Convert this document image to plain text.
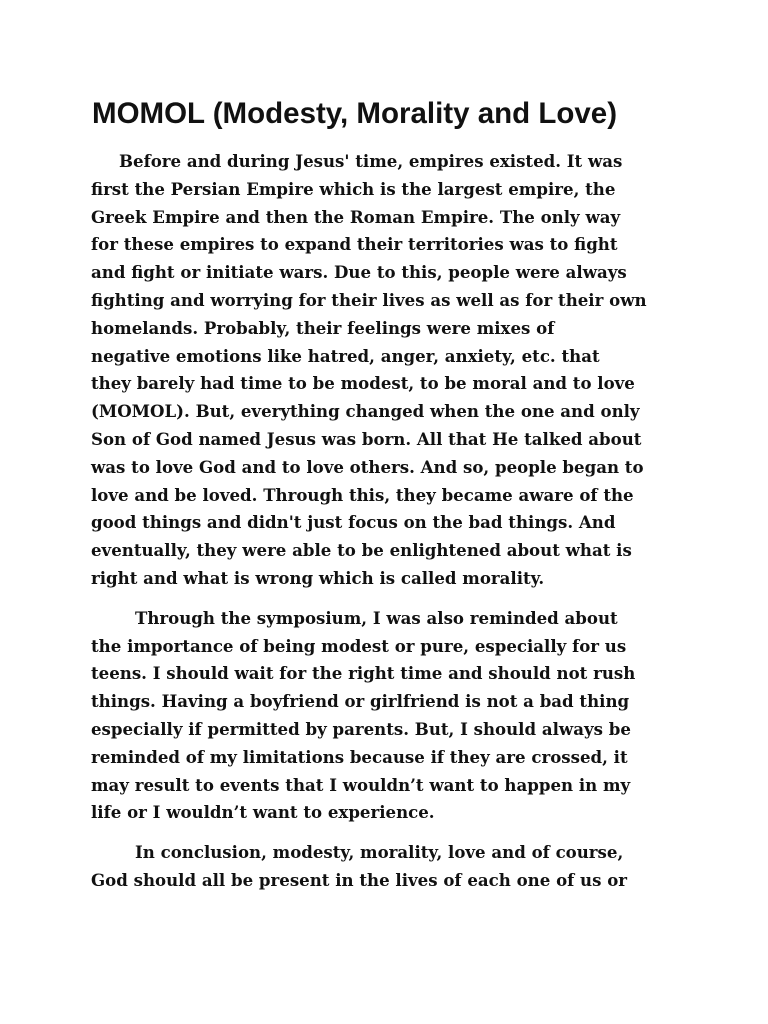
MOMOL (Modesty, Morality and Love)

Before and during Jesus' time, empires existed. It was
first the Persian Empire which is the largest empire, the
Greek Empire and then the Roman Empire. The only way
for these empires to expand their territories was to fight
and fight or initiate wars. Due to this, people were always
fighting and worrying for their lives as well as for their own
homelands. Probably, their feelings were mixes of
negative emotions like hatred, anger, anxiety, etc. that
they barely had time to be modest, to be moral and to love
(MOMOL). But, everything changed when the one and only
Son of God named Jesus was born. All that He talked about
was to love God and to love others. And so, people began to
love and be loved. Through this, they became aware of the
good things and didn't just focus on the bad things. And
eventually, they were able to be enlightened about what is
right and what is wrong which is called morality.

Through the symposium, I was also reminded about
the importance of being modest or pure, especially for us
teens. I should wait for the right time and should not rush
things. Having a boyfriend or girlfriend is not a bad thing
especially if permitted by parents. But, I should always be
reminded of my limitations because if they are crossed, it
may result to events that I wouldn’t want to happen in my
life or I wouldn’t want to experience.

In conclusion, modesty, morality, love and of course,
God should all be present in the lives of each one of us or
